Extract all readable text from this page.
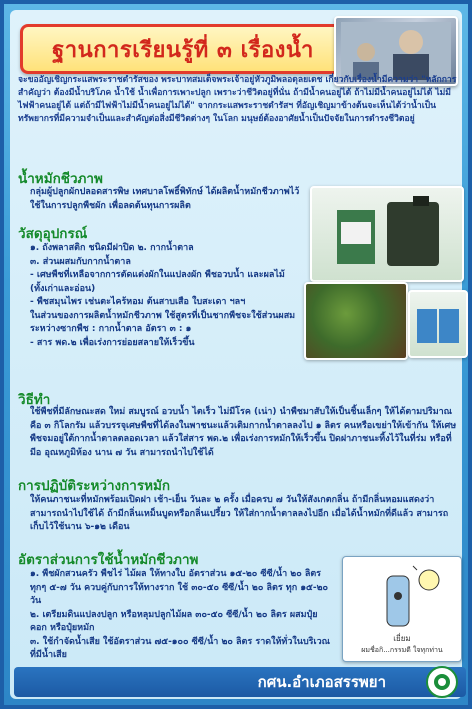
ฐานการเรียนรู้ที่ ๓ เรื่องน้ำ
จะขออัญเชิญกระแสพระราชดำรัสของ พระบาทสมเด็จพระเจ้าอยู่หัวภูมิพลอดุลยเดช เกี่ยวกับเรื่องน้ำมีความว่า "หลักการสำคัญว่า ต้องมีน้ำบริโภค น้ำใช้ น้ำเพื่อการเพาะปลูก เพราะว่าชีวิตอยู่ที่นั่น ถ้ามีน้ำคนอยู่ได้ ถ้าไม่มีน้ำคนอยู่ไม่ได้ ไม่มีไฟฟ้าคนอยู่ได้ แต่ถ้ามีไฟฟ้าไม่มีน้ำคนอยู่ไม่ได้" จากกระแสพระราชดำรัสฯ ที่อัญเชิญมาข้างต้นจะเห็นได้ว่าน้ำเป็นทรัพยากรที่มีความจำเป็นและสำคัญต่อสิ่งมีชีวิตต่างๆ ในโลก มนุษย์ต้องอาศัยน้ำเป็นปัจจัยในการดำรงชีวิตอยู่
น้ำหมักชีวภาพ
กลุ่มผู้ปลูกผักปลอดสารพิษ เทศบาลโพธิ์พิทักษ์ ได้ผลิตน้ำหมักชีวภาพไว้ใช้ในการปลูกพืชผัก เพื่อลดต้นทุนการผลิต
วัสดุอุปกรณ์
๑. ถังพลาสติก ชนิดมีฝาปิด ๒. กากน้ำตาล
๓. ส่วนผสมกับกากน้ำตาล
- เศษพืชที่เหลือจากการตัดแต่งผักในแปลงผัก พืชอวบน้ำ และผลไม้ (ทั้งเก่าและอ่อน)
- พืชสมุนไพร เช่นตะไคร้หอม ต้นสาบเสือ ใบสะเดา ฯลฯ
ในส่วนของการผลิตน้ำหมักชีวภาพ ใช้สูตรที่เป็นชากพืชจะใช้ส่วนผสมระหว่างซากพืช : กากน้ำตาล อัตรา ๓ : ๑
- สาร พด.๒ เพื่อเร่งการย่อยสลายให้เร็วขึ้น
วิธีทำ
ใช้พืชที่มีลักษณะสด ใหม่ สมบูรณ์ อวบน้ำ ไตเร็ว ไม่มีโรค (เน่า) นำพืชมาสับให้เป็นชิ้นเล็กๆ ให้ได้ตามปริมาณ คือ ๓ กิโลกรัม แล้วบรรจุเศษพืชที่ได้ลงในพาชนะแล้วเติมกากน้ำตาลลงไป ๑ ลิตร คนหรือเขย่าให้เข้ากัน ให้เศษพืชจมอยู่ใต้กากน้ำตาลตลอดเวลา แล้วใส่สาร พด.๒ เพื่อเร่งการหมักให้เร็วขึ้น ปิดฝาภาชนะทิ้งไว้ในที่ร่ม หรือที่มีอ อุณหภูมิห้อง นาน ๗ วัน สามารถนำไปใช้ได้
การปฏิบัติระหว่างการหมัก
ให้คนภาชนะที่หมักพร้อมเปิดฝา เช้า-เย็น วันละ ๒ ครั้ง เมื่อครบ ๗ วันให้สังเกตกลิ่น ถ้ามีกลิ่นหอมแสดงว่าสามารถนำไปใช้ได้ ถ้ามีกลิ่นเหม็นบูดหรือกลิ่นเปรี้ยว ให้ใส่กากน้ำตาลลงไปอีก เมื่อได้น้ำหมักที่ดีแล้ว สามารถเก็บไว้ใช้นาน ๖-๑๒ เดือน
อัตราส่วนการใช้น้ำหมักชีวภาพ
๑. พืชผักสวนครัว พืชไร่ ไม้ผล ให้ทางใบ อัตราส่วน ๑๕-๒๐ ซีซี/น้ำ ๒๐ ลิตร ทุกๆ ๕-๗ วัน ควบคู่กับการให้ทางราก ใช้ ๓๐-๕๐ ซีซี/น้ำ ๒๐ ลิตร ทุก ๑๕-๒๐ วัน
๒. เตรียมดินแปลงปลูก หรือหลุมปลูกไม้ผล ๓๐-๕๐ ซีซี/น้ำ ๒๐ ลิตร ผสมปุ๋ยคอก หรือปุ๋ยหมัก
๓. ใช้กำจัดน้ำเสีย ใช้อัตราส่วน ๗๕-๑๐๐ ซีซี/น้ำ ๒๐ ลิตร ราดให้ทั่วในบริเวณที่มีน้ำเสีย
เยี่ยม
ผมชื่อกิ...กรรมดี ใจทุกท่าน
กศน.อำเภอสรรพยา
